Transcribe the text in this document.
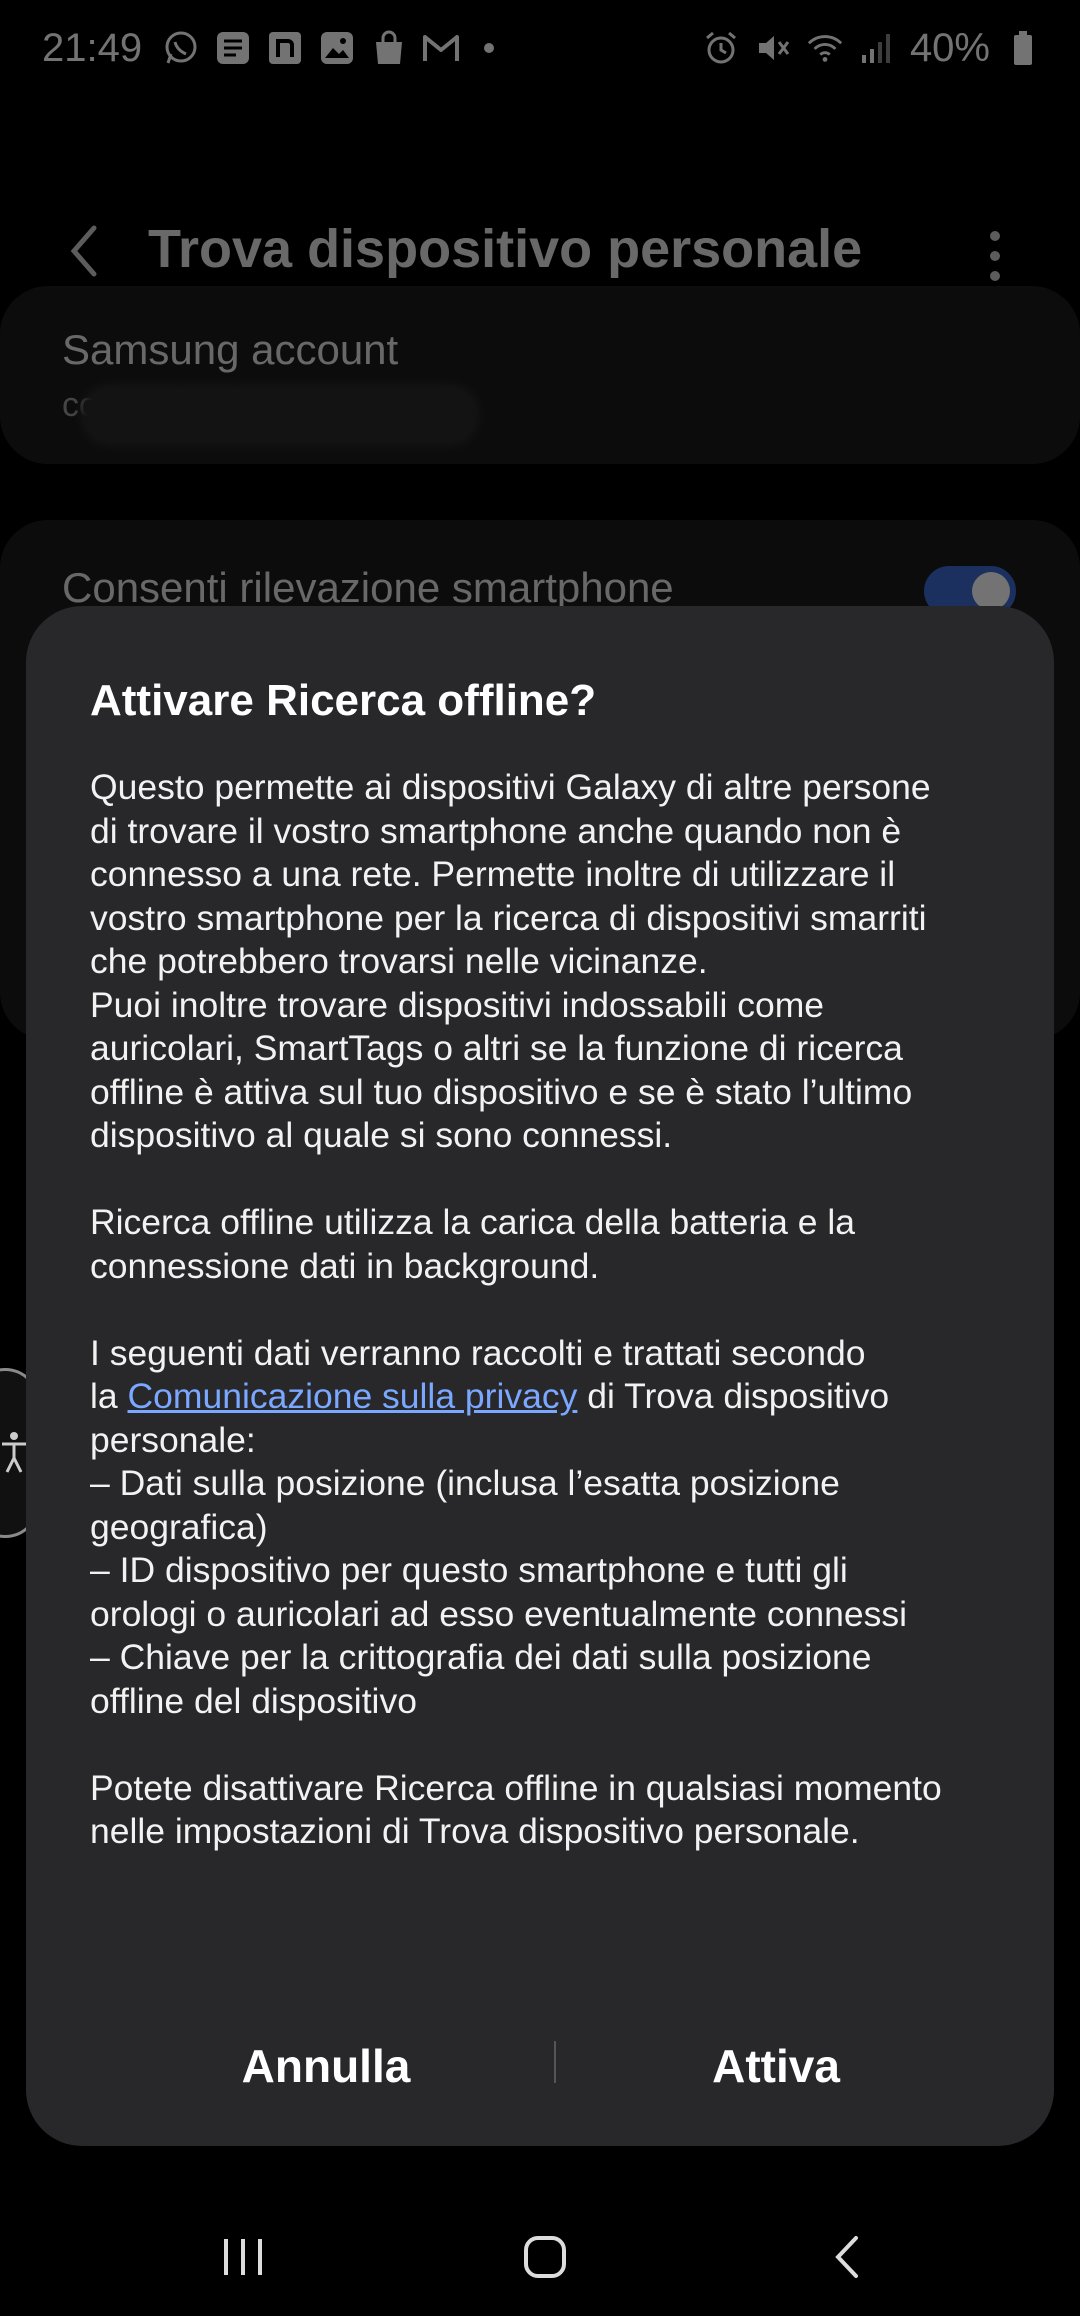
Attivare Ricerca offline?

Questo permette ai dispositivi Galaxy di altre persone
di trovare il vostro smartphone anche quando non è
connesso a una rete. Permette inoltre di utilizzare il
vostro smartphone per la ricerca di dispositivi smarriti
che potrebbero trovarsi nelle vicinanze.
Puoi inoltre trovare dispositivi indossabili come
auricolari, SmartTags o altri se la funzione di ricerca
offline è attiva sul tuo dispositivo e se è stato l’ultimo
dispositivo al quale si sono connessi.

Ricerca offline utilizza la carica della batteria e la
connessione dati in background.

I seguenti dati verranno raccolti e trattati secondo
la Comunicazione sulla privacy di Trova dispositivo
personale:
– Dati sulla posizione (inclusa l’esatta posizione
geografica)
– ID dispositivo per questo smartphone e tutti gli
orologi o auricolari ad esso eventualmente connessi
– Chiave per la crittografia dei dati sulla posizione
offline del dispositivo

Potete disattivare Ricerca offline in qualsiasi momento
nelle impostazioni di Trova dispositivo personale.

Annulla	Attiva
